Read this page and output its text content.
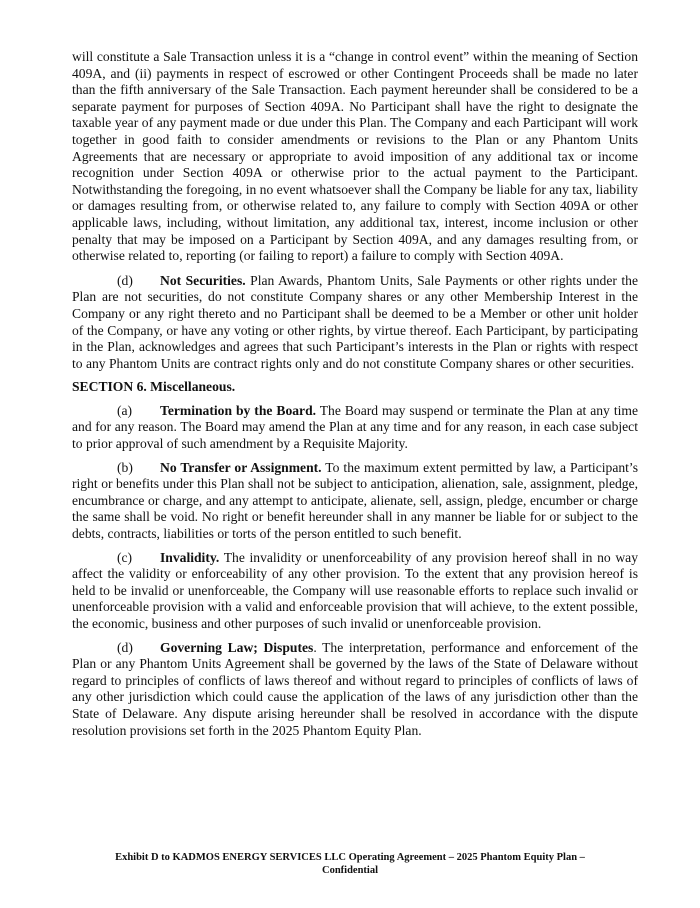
will constitute a Sale Transaction unless it is a “change in control event” within the meaning of Section 409A, and (ii) payments in respect of escrowed or other Contingent Proceeds shall be made no later than the fifth anniversary of the Sale Transaction. Each payment hereunder shall be considered to be a separate payment for purposes of Section 409A. No Participant shall have the right to designate the taxable year of any payment made or due under this Plan. The Company and each Participant will work together in good faith to consider amendments or revisions to the Plan or any Phantom Units Agreements that are necessary or appropriate to avoid imposition of any additional tax or income recognition under Section 409A or otherwise prior to the actual payment to the Participant. Notwithstanding the foregoing, in no event whatsoever shall the Company be liable for any tax, liability or damages resulting from, or otherwise related to, any failure to comply with Section 409A or other applicable laws, including, without limitation, any additional tax, interest, income inclusion or other penalty that may be imposed on a Participant by Section 409A, and any damages resulting from, or otherwise related to, reporting (or failing to report) a failure to comply with Section 409A.

(d) Not Securities. Plan Awards, Phantom Units, Sale Payments or other rights under the Plan are not securities, do not constitute Company shares or any other Membership Interest in the Company or any right thereto and no Participant shall be deemed to be a Member or other unit holder of the Company, or have any voting or other rights, by virtue thereof. Each Participant, by participating in the Plan, acknowledges and agrees that such Participant’s interests in the Plan or rights with respect to any Phantom Units are contract rights only and do not constitute Company shares or other securities.

SECTION 6. Miscellaneous.

(a) Termination by the Board. The Board may suspend or terminate the Plan at any time and for any reason. The Board may amend the Plan at any time and for any reason, in each case subject to prior approval of such amendment by a Requisite Majority.

(b) No Transfer or Assignment. To the maximum extent permitted by law, a Participant’s right or benefits under this Plan shall not be subject to anticipation, alienation, sale, assignment, pledge, encumbrance or charge, and any attempt to anticipate, alienate, sell, assign, pledge, encumber or charge the same shall be void. No right or benefit hereunder shall in any manner be liable for or subject to the debts, contracts, liabilities or torts of the person entitled to such benefit.

(c) Invalidity. The invalidity or unenforceability of any provision hereof shall in no way affect the validity or enforceability of any other provision. To the extent that any provision hereof is held to be invalid or unenforceable, the Company will use reasonable efforts to replace such invalid or unenforceable provision with a valid and enforceable provision that will achieve, to the extent possible, the economic, business and other purposes of such invalid or unenforceable provision.

(d) Governing Law; Disputes. The interpretation, performance and enforcement of the Plan or any Phantom Units Agreement shall be governed by the laws of the State of Delaware without regard to principles of conflicts of laws thereof and without regard to principles of conflicts of laws of any other jurisdiction which could cause the application of the laws of any jurisdiction other than the State of Delaware. Any dispute arising hereunder shall be resolved in accordance with the dispute resolution provisions set forth in the 2025 Phantom Equity Plan.

Exhibit D to KADMOS ENERGY SERVICES LLC Operating Agreement – 2025 Phantom Equity Plan –
Confidential
